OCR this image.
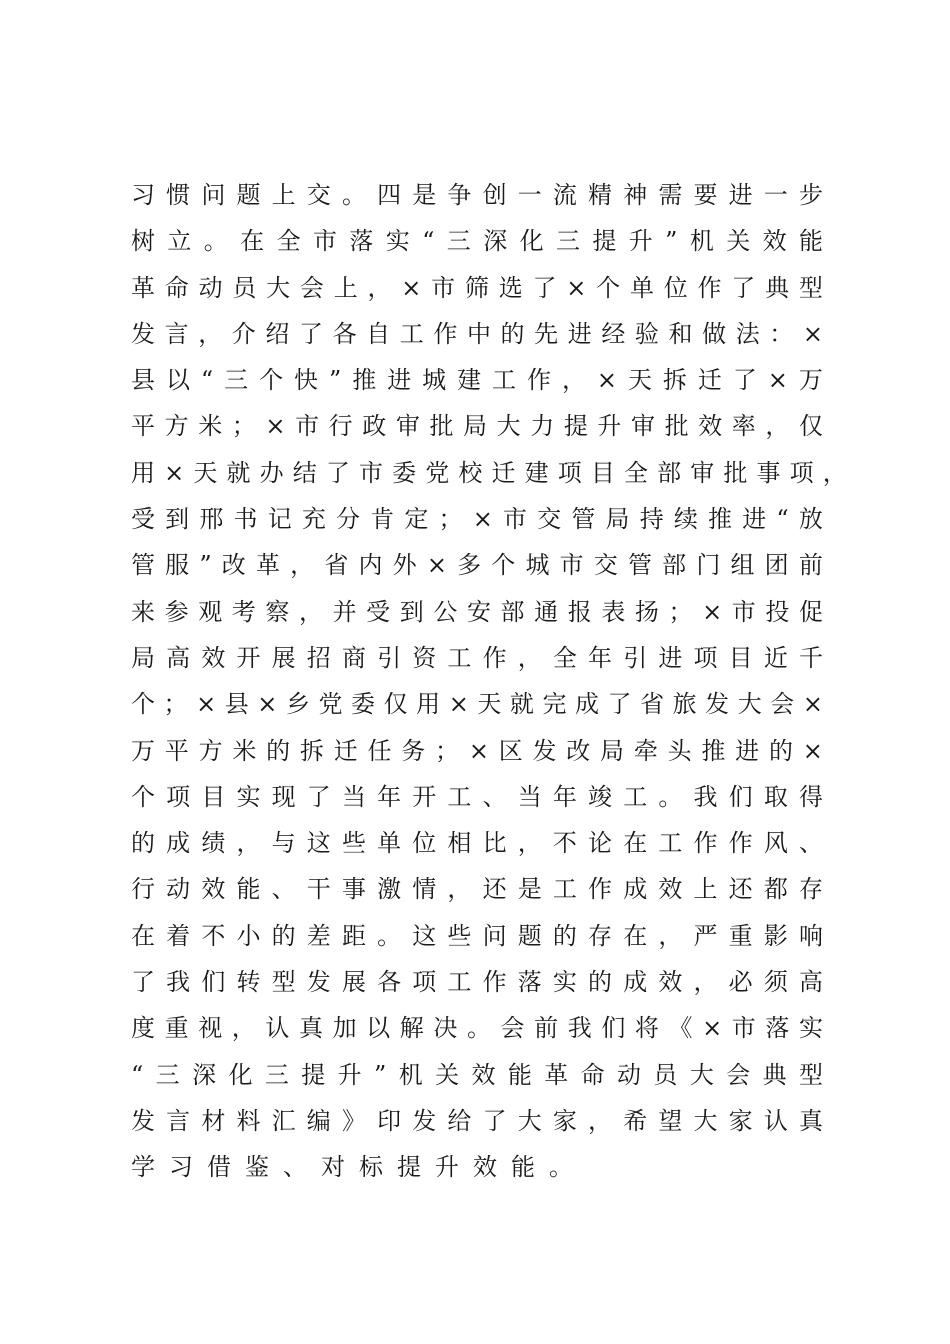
习 惯 问 题 上 交 。 四 是 争 创 一 流 精 神 需 要 进 一 步
树 立 。 在 全 市 落 实 “ 三 深 化 三 提 升 ” 机 关 效 能
革 命 动 员 大 会 上 ， × 市 筛 选 了 × 个 单 位 作 了 典 型
发 言 ， 介 绍 了 各 自 工 作 中 的 先 进 经 验 和 做 法 ： ×
县 以 “ 三 个 快 ” 推 进 城 建 工 作 ， × 天 拆 迁 了 × 万
平 方 米 ； × 市 行 政 审 批 局 大 力 提 升 审 批 效 率 ， 仅
用 × 天 就 办 结 了 市 委 党 校 迁 建 项 目 全 部 审 批 事 项 ，
受 到 邢 书 记 充 分 肯 定 ； × 市 交 管 局 持 续 推 进 “ 放
管 服 ” 改 革 ， 省 内 外 × 多 个 城 市 交 管 部 门 组 团 前
来 参 观 考 察 ， 并 受 到 公 安 部 通 报 表 扬 ； × 市 投 促
局 高 效 开 展 招 商 引 资 工 作 ， 全 年 引 进 项 目 近 千
个 ； × 县 × 乡 党 委 仅 用 × 天 就 完 成 了 省 旅 发 大 会 ×
万 平 方 米 的 拆 迁 任 务 ； × 区 发 改 局 牵 头 推 进 的 ×
个 项 目 实 现 了 当 年 开 工 、 当 年 竣 工 。 我 们 取 得
的 成 绩 ， 与 这 些 单 位 相 比 ， 不 论 在 工 作 作 风 、
行 动 效 能 、 干 事 激 情 ， 还 是 工 作 成 效 上 还 都 存
在 着 不 小 的 差 距 。 这 些 问 题 的 存 在 ， 严 重 影 响
了 我 们 转 型 发 展 各 项 工 作 落 实 的 成 效 ， 必 须 高
度 重 视 ， 认 真 加 以 解 决 。 会 前 我 们 将 《 × 市 落 实
“ 三 深 化 三 提 升 ” 机 关 效 能 革 命 动 员 大 会 典 型
发 言 材 料 汇 编 》 印 发 给 了 大 家 ， 希 望 大 家 认 真
学习借鉴、对标提升效能。
